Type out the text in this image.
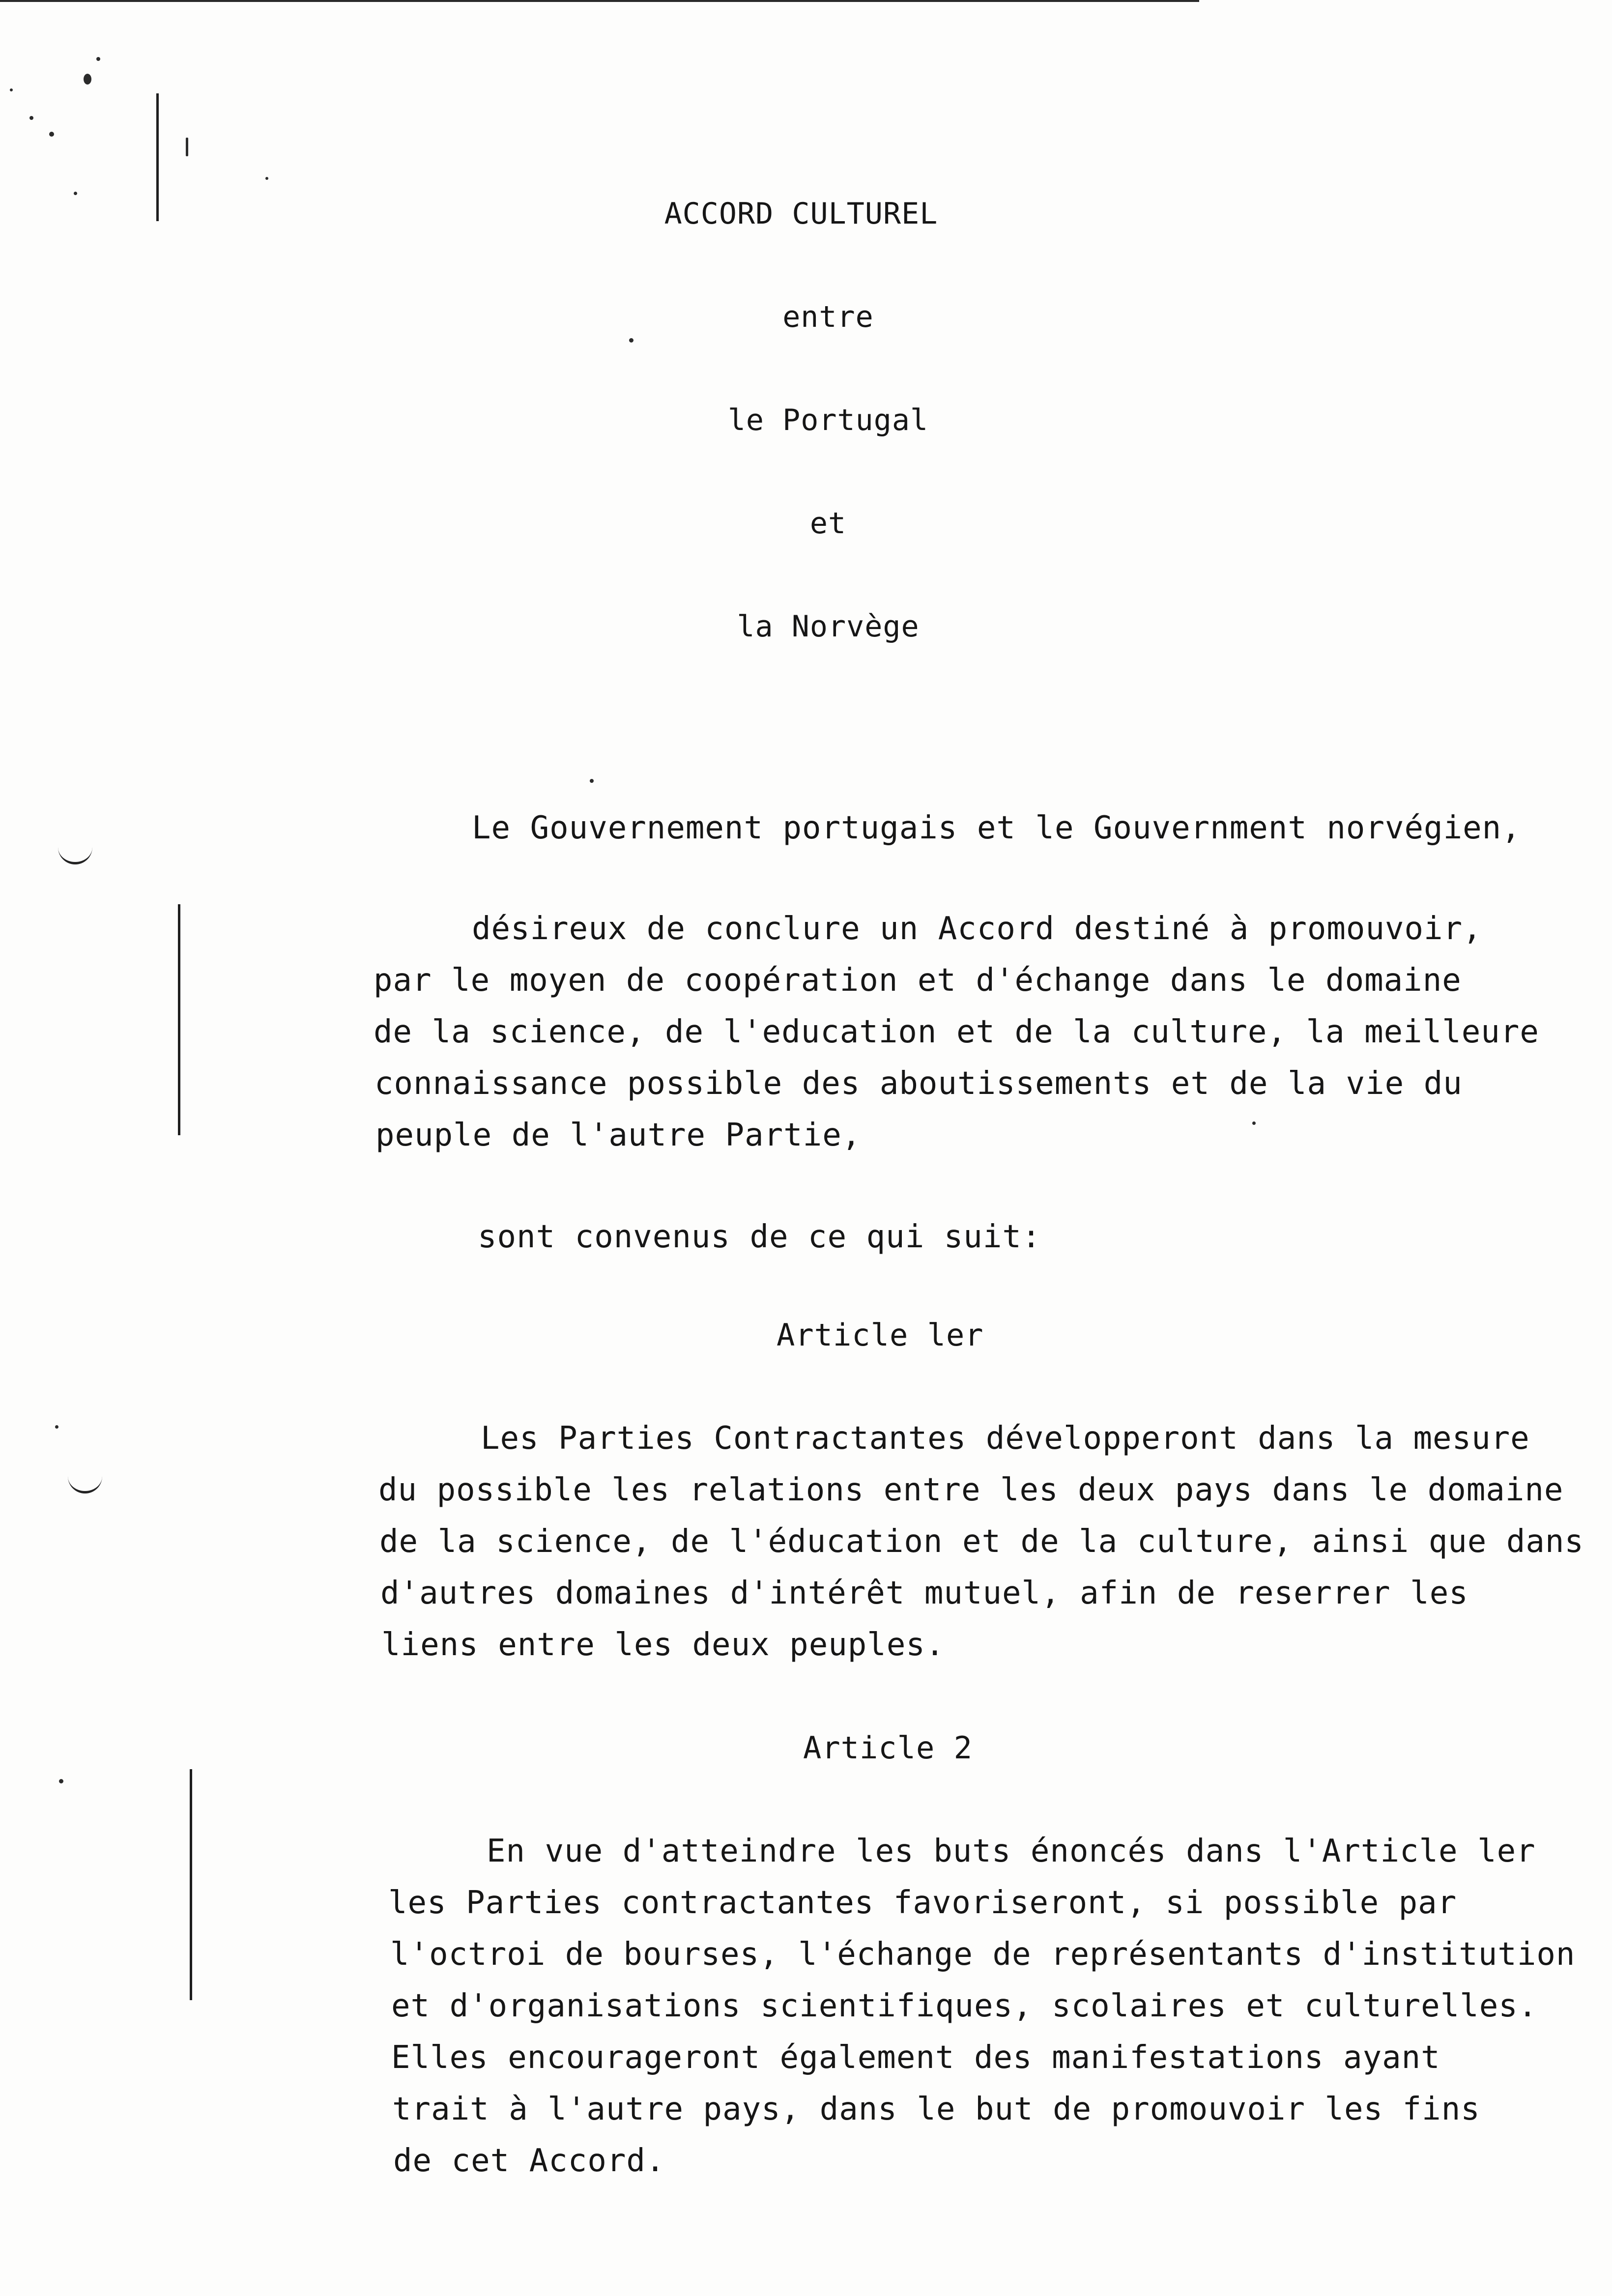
ACCORD CULTUREL
entre
le Portugal
et
la Norvège
Le Gouvernement portugais et le Gouvernment norvégien,
désireux de conclure un Accord destiné à promouvoir,
par le moyen de coopération et d'échange dans le domaine
de la science, de l'education et de la culture, la meilleure
connaissance possible des aboutissements et de la vie du
peuple de l'autre Partie,
sont convenus de ce qui suit:
Article ler
Les Parties Contractantes développeront dans la mesure
du possible les relations entre les deux pays dans le domaine
de la science, de l'éducation et de la culture, ainsi que dans
d'autres domaines d'intérêt mutuel, afin de reserrer les
liens entre les deux peuples.
Article 2
En vue d'atteindre les buts énoncés dans l'Article ler
les Parties contractantes favoriseront, si possible par
l'octroi de bourses, l'échange de représentants d'institution
et d'organisations scientifiques, scolaires et culturelles.
Elles encourageront également des manifestations ayant
trait à l'autre pays, dans le but de promouvoir les fins
de cet Accord.
